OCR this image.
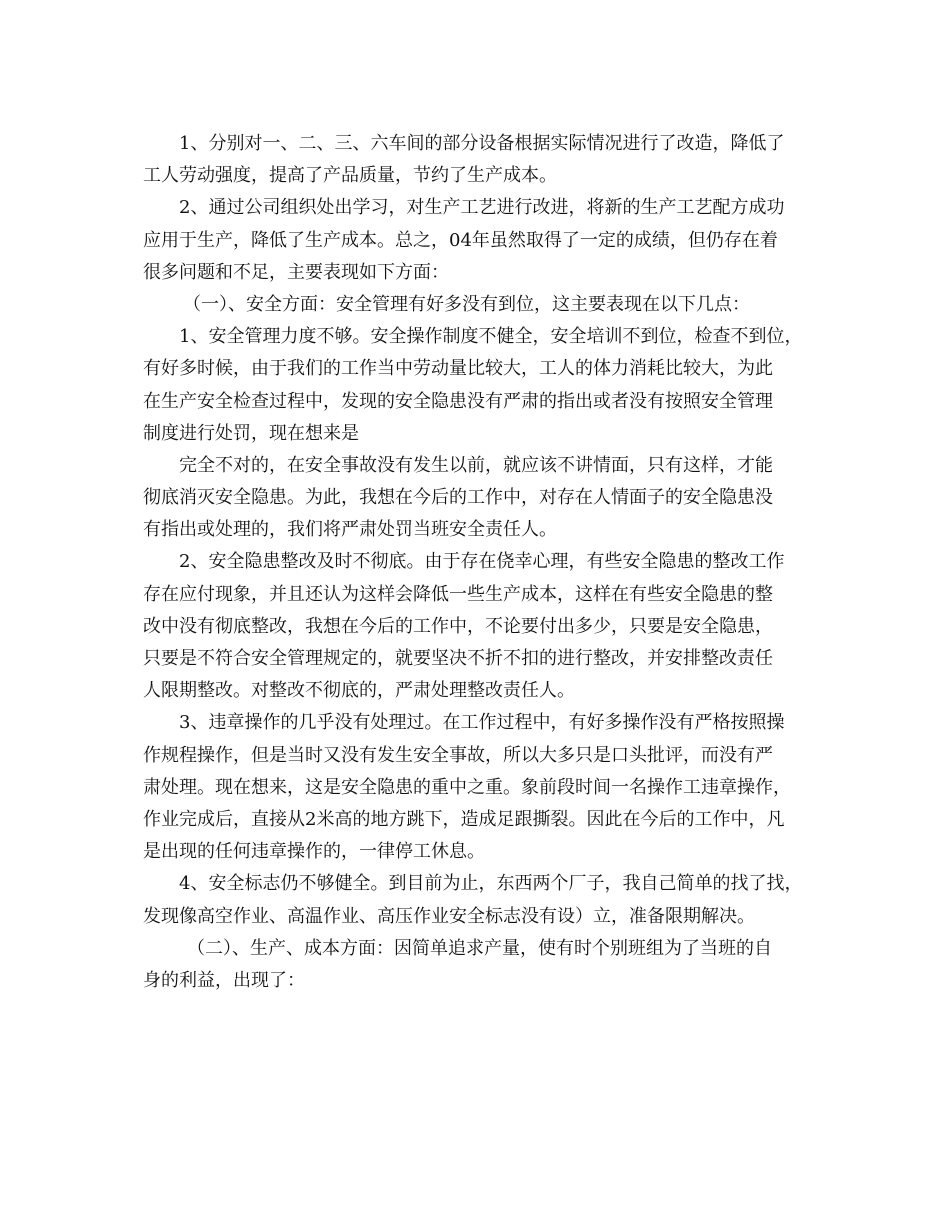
1、分别对一、二、三、六车间的部分设备根据实际情况进行了改造，降低了
工人劳动强度，提高了产品质量，节约了生产成本。
2、通过公司组织处出学习，对生产工艺进行改进，将新的生产工艺配方成功
应用于生产，降低了生产成本。总之，04年虽然取得了一定的成绩，但仍存在着
很多问题和不足，主要表现如下方面：
（一）、安全方面：安全管理有好多没有到位，这主要表现在以下几点：
1、安全管理力度不够。安全操作制度不健全，安全培训不到位，检查不到位，
有好多时候，由于我们的工作当中劳动量比较大，工人的体力消耗比较大，为此
在生产安全检查过程中，发现的安全隐患没有严肃的指出或者没有按照安全管理
制度进行处罚，现在想来是
完全不对的，在安全事故没有发生以前，就应该不讲情面，只有这样，才能
彻底消灭安全隐患。为此，我想在今后的工作中，对存在人情面子的安全隐患没
有指出或处理的，我们将严肃处罚当班安全责任人。
2、安全隐患整改及时不彻底。由于存在侥幸心理，有些安全隐患的整改工作
存在应付现象，并且还认为这样会降低一些生产成本，这样在有些安全隐患的整
改中没有彻底整改，我想在今后的工作中，不论要付出多少，只要是安全隐患，
只要是不符合安全管理规定的，就要坚决不折不扣的进行整改，并安排整改责任
人限期整改。对整改不彻底的，严肃处理整改责任人。
3、违章操作的几乎没有处理过。在工作过程中，有好多操作没有严格按照操
作规程操作，但是当时又没有发生安全事故，所以大多只是口头批评，而没有严
肃处理。现在想来，这是安全隐患的重中之重。象前段时间一名操作工违章操作，
作业完成后，直接从2米高的地方跳下，造成足跟撕裂。因此在今后的工作中，凡
是出现的任何违章操作的，一律停工休息。
4、安全标志仍不够健全。到目前为止，东西两个厂子，我自己简单的找了找，
发现像高空作业、高温作业、高压作业安全标志没有设）立，准备限期解决。
（二）、生产、成本方面：因简单追求产量，使有时个别班组为了当班的自
身的利益，出现了：
